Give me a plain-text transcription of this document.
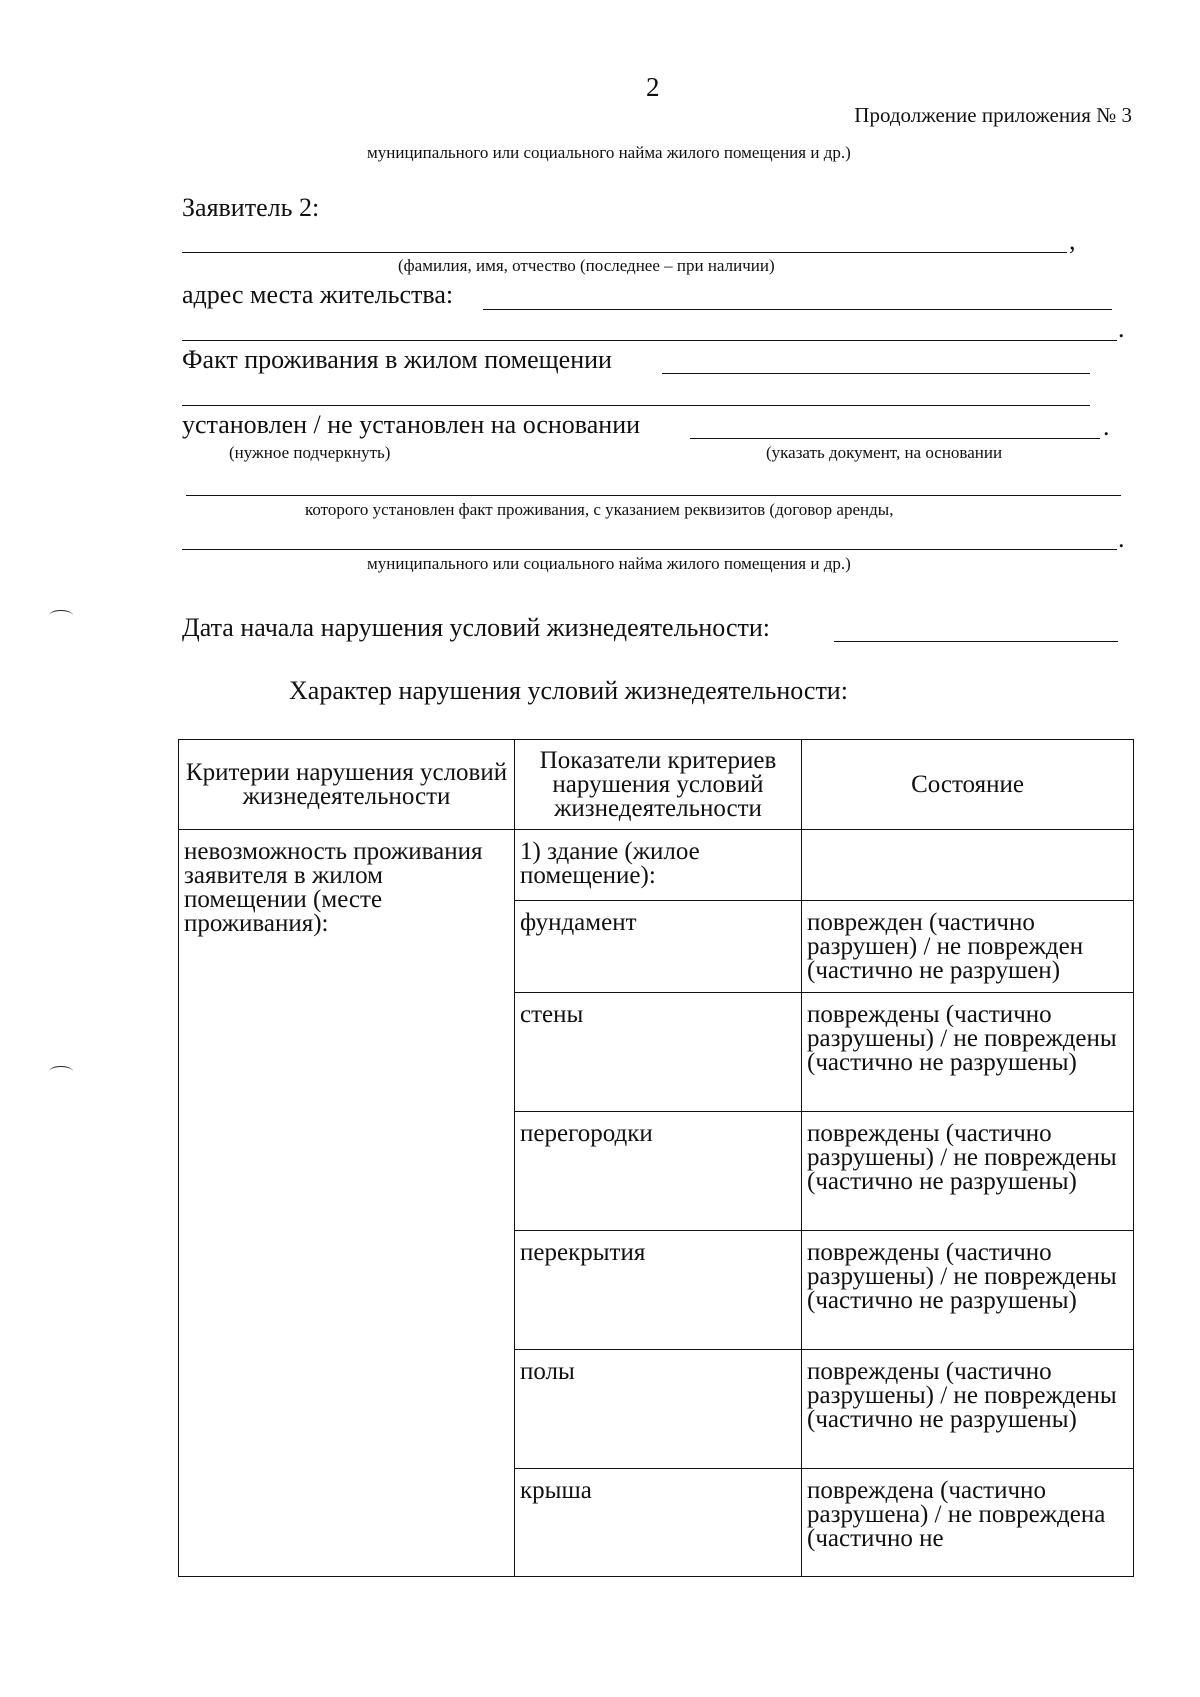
2
Продолжение приложения № 3
муниципального или социального найма жилого помещения и др.)
Заявитель 2:
,
(фамилия, имя, отчество (последнее – при наличии)
адрес места жительства:
.
Факт проживания в жилом помещении
установлен / не установлен на основании	.
(нужное подчеркнуть)	(указать документ, на основании
которого установлен факт проживания, с указанием реквизитов (договор аренды,
.
муниципального или социального найма жилого помещения и др.)
Дата начала нарушения условий жизнедеятельности:
Характер нарушения условий жизнедеятельности:
Критерии нарушения условий жизнедеятельности	Показатели критериев нарушения условий жизнедеятельности	Состояние
невозможность проживания заявителя в жилом помещении (месте проживания):	1) здание (жилое помещение):	
	фундамент	поврежден (частично разрушен) / не поврежден (частично не разрушен)
	стены	повреждены (частично разрушены) / не повреждены (частично не разрушены)
	перегородки	повреждены (частично разрушены) / не повреждены (частично не разрушены)
	перекрытия	повреждены (частично разрушены) / не повреждены (частично не разрушены)
	полы	повреждены (частично разрушены) / не повреждены (частично не разрушены)
	крыша	повреждена (частично разрушена) / не повреждена (частично не
